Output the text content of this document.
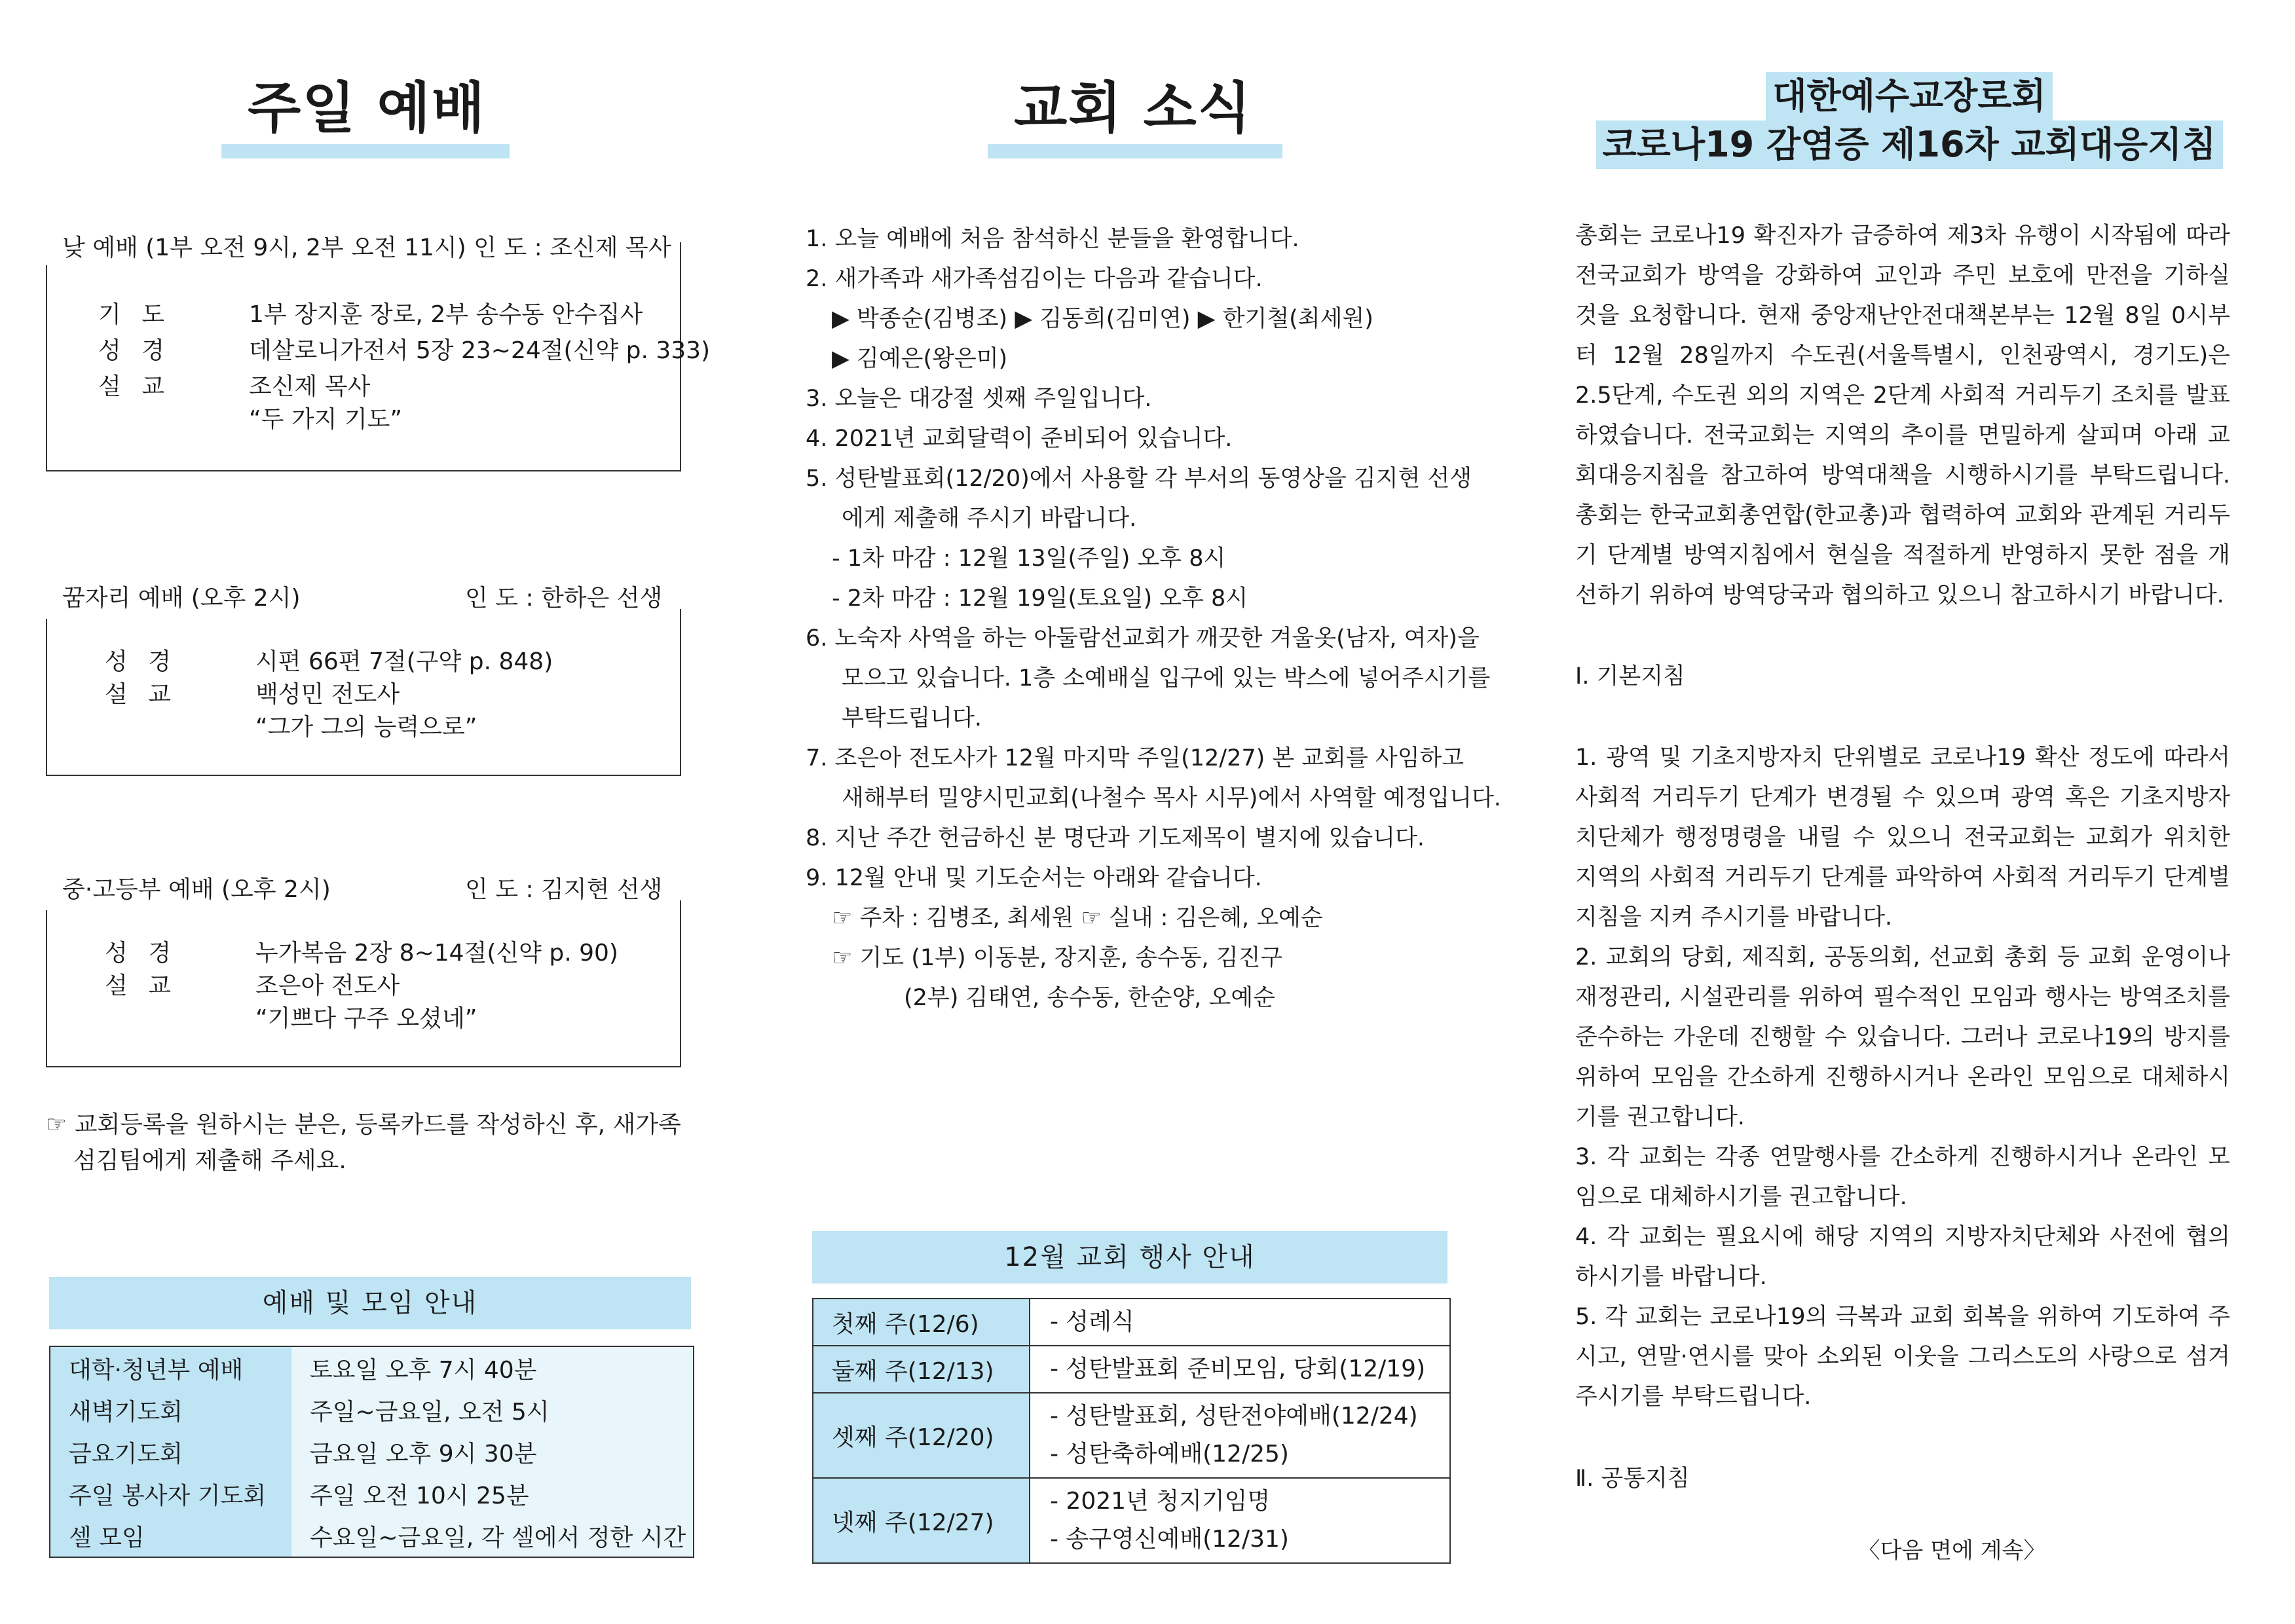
주일 예배
낮 예배 (1부 오전 9시, 2부 오전 11시) 인 도 : 조신제 목사
기 도	1부 장지훈 장로, 2부 송수동 안수집사
성 경	데살로니가전서 5장 23~24절(신약 p. 333)
설 교	조신제 목사
“두 가지 기도”
꿈자리 예배 (오후 2시)	인 도 : 한하은 선생
성 경	시편 66편 7절(구약 p. 848)
설 교	백성민 전도사
“그가 그의 능력으로”
중·고등부 예배 (오후 2시)	인 도 : 김지현 선생
성 경	누가복음 2장 8~14절(신약 p. 90)
설 교	조은아 전도사
“기쁘다 구주 오셨네”
☞ 교회등록을 원하시는 분은, 등록카드를 작성하신 후, 새가족
섬김팀에게 제출해 주세요.
예배 및 모임 안내
대학·청년부 예배	토요일 오후 7시 40분
새벽기도회	주일~금요일, 오전 5시
금요기도회	금요일 오후 9시 30분
주일 봉사자 기도회	주일 오전 10시 25분
셀 모임	수요일~금요일, 각 셀에서 정한 시간
교회 소식
1. 오늘 예배에 처음 참석하신 분들을 환영합니다.
2. 새가족과 새가족섬김이는 다음과 같습니다.
▶ 박종순(김병조) ▶ 김동희(김미연) ▶ 한기철(최세원)
▶ 김예은(왕은미)
3. 오늘은 대강절 셋째 주일입니다.
4. 2021년 교회달력이 준비되어 있습니다.
5. 성탄발표회(12/20)에서 사용할 각 부서의 동영상을 김지현 선생
에게 제출해 주시기 바랍니다.
- 1차 마감 : 12월 13일(주일) 오후 8시
- 2차 마감 : 12월 19일(토요일) 오후 8시
6. 노숙자 사역을 하는 아둘람선교회가 깨끗한 겨울옷(남자, 여자)을
모으고 있습니다. 1층 소예배실 입구에 있는 박스에 넣어주시기를
부탁드립니다.
7. 조은아 전도사가 12월 마지막 주일(12/27) 본 교회를 사임하고
새해부터 밀양시민교회(나철수 목사 시무)에서 사역할 예정입니다.
8. 지난 주간 헌금하신 분 명단과 기도제목이 별지에 있습니다.
9. 12월 안내 및 기도순서는 아래와 같습니다.
☞ 주차 : 김병조, 최세원 ☞ 실내 : 김은혜, 오예순
☞ 기도 (1부) 이동분, 장지훈, 송수동, 김진구
(2부) 김태연, 송수동, 한순양, 오예순
12월 교회 행사 안내
첫째 주(12/6)	- 성례식

둘째 주(12/13)	- 성탄발표회 준비모임, 당회(12/19)

셋째 주(12/20)	- 성탄발표회, 성탄전야예배(12/24)
- 성탄축하예배(12/25)

넷째 주(12/27)	- 2021년 청지기임명
- 송구영신예배(12/31)
대한예수교장로회
코로나19 감염증 제16차 교회대응지침

총회는 코로나19 확진자가 급증하여 제3차 유행이 시작됨에 따라 전국교회가 방역을 강화하여 교인과 주민 보호에 만전을 기하실 것을 요청합니다. 현재 중앙재난안전대책본부는 12월 8일 0시부터 12월 28일까지 수도권(서울특별시, 인천광역시, 경기도)은 2.5단계, 수도권 외의 지역은 2단계 사회적 거리두기 조치를 발표하였습니다. 전국교회는 지역의 추이를 면밀하게 살피며 아래 교회대응지침을 참고하여 방역대책을 시행하시기를 부탁드립니다. 총회는 한국교회총연합(한교총)과 협력하여 교회와 관계된 거리두기 단계별 방역지침에서 현실을 적절하게 반영하지 못한 점을 개선하기 위하여 방역당국과 협의하고 있으니 참고하시기 바랍니다.

Ⅰ. 기본지침

1. 광역 및 기초지방자치 단위별로 코로나19 확산 정도에 따라서 사회적 거리두기 단계가 변경될 수 있으며 광역 혹은 기초지방자치단체가 행정명령을 내릴 수 있으니 전국교회는 교회가 위치한 지역의 사회적 거리두기 단계를 파악하여 사회적 거리두기 단계별 지침을 지켜 주시기를 바랍니다.

2. 교회의 당회, 제직회, 공동의회, 선교회 총회 등 교회 운영이나 재정관리, 시설관리를 위하여 필수적인 모임과 행사는 방역조치를 준수하는 가운데 진행할 수 있습니다. 그러나 코로나19의 방지를 위하여 모임을 간소하게 진행하시거나 온라인 모임으로 대체하시기를 권고합니다.

3. 각 교회는 각종 연말행사를 간소하게 진행하시거나 온라인 모임으로 대체하시기를 권고합니다.

4. 각 교회는 필요시에 해당 지역의 지방자치단체와 사전에 협의하시기를 바랍니다.

5. 각 교회는 코로나19의 극복과 교회 회복을 위하여 기도하여 주시고, 연말·연시를 맞아 소외된 이웃을 그리스도의 사랑으로 섬겨주시기를 부탁드립니다.

Ⅱ. 공통지침
〈다음 면에 계속〉
